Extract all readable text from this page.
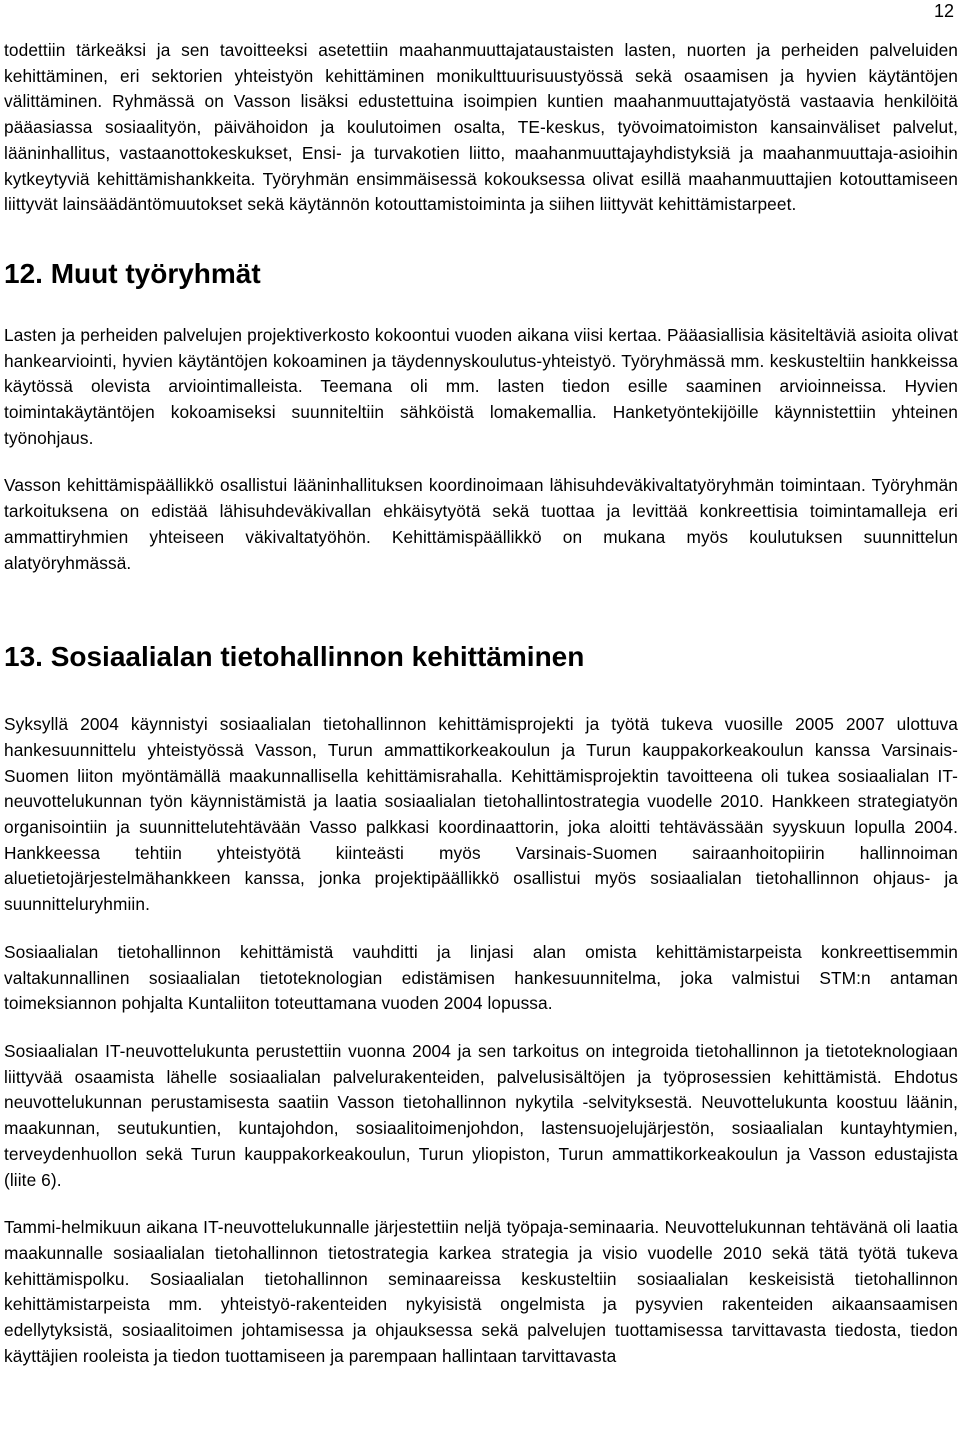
12

todettiin tärkeäksi ja sen tavoitteeksi asetettiin maahanmuuttajataustaisten lasten, nuorten ja perheiden palveluiden kehittäminen, eri sektorien yhteistyön kehittäminen monikulttuurisuustyössä sekä osaamisen ja hyvien käytäntöjen välittäminen. Ryhmässä on Vasson lisäksi edustettuina isoimpien kuntien maahanmuuttajatyöstä vastaavia henkilöitä pääasiassa sosiaalityön, päivähoidon ja koulutoimen osalta, TE-keskus, työvoimatoimiston kansainväliset palvelut, lääninhallitus, vastaanottokeskukset, Ensi- ja turvakotien liitto, maahanmuuttajayhdistyksiä ja maahanmuuttaja-asioihin kytkeytyviä kehittämishankkeita. Työryhmän ensimmäisessä kokouksessa olivat esillä maahanmuuttajien kotouttamiseen liittyvät lainsäädäntömuutokset sekä käytännön kotouttamistoiminta ja siihen liittyvät kehittämistarpeet.

12. Muut työryhmät

Lasten ja perheiden palvelujen projektiverkosto kokoontui vuoden aikana viisi kertaa. Pääasiallisia käsiteltäviä asioita olivat hankearviointi, hyvien käytäntöjen kokoaminen ja täydennyskoulutus-yhteistyö. Työryhmässä mm. keskusteltiin hankkeissa käytössä olevista arviointimalleista. Teemana oli mm. lasten tiedon esille saaminen arvioinneissa. Hyvien toimintakäytäntöjen kokoamiseksi suunniteltiin sähköistä lomakemallia. Hanketyöntekijöille käynnistettiin yhteinen työnohjaus.

Vasson kehittämispäällikkö osallistui lääninhallituksen koordinoimaan lähisuhdeväkivaltatyöryhmän toimintaan. Työryhmän tarkoituksena on edistää lähisuhdeväkivallan ehkäisytyötä sekä tuottaa ja levittää konkreettisia toimintamalleja eri ammattiryhmien yhteiseen väkivaltatyöhön. Kehittämispäällikkö on mukana myös koulutuksen suunnittelun alatyöryhmässä.

13. Sosiaalialan tietohallinnon kehittäminen

Syksyllä 2004 käynnistyi sosiaalialan tietohallinnon kehittämisprojekti ja työtä tukeva vuosille 2005 2007 ulottuva hankesuunnittelu yhteistyössä Vasson, Turun ammattikorkeakoulun ja Turun kauppakorkeakoulun kanssa Varsinais-Suomen liiton myöntämällä maakunnallisella kehittämisrahalla. Kehittämisprojektin tavoitteena oli tukea sosiaalialan IT-neuvottelukunnan työn käynnistämistä ja laatia sosiaalialan tietohallintostrategia vuodelle 2010. Hankkeen strategiatyön organisointiin ja suunnittelutehtävään Vasso palkkasi koordinaattorin, joka aloitti tehtävässään syyskuun lopulla 2004. Hankkeessa tehtiin yhteistyötä kiinteästi myös Varsinais-Suomen sairaanhoitopiirin hallinnoiman aluetietojärjestelmähankkeen kanssa, jonka projektipäällikkö osallistui myös sosiaalialan tietohallinnon ohjaus- ja suunnitteluryhmiin.

Sosiaalialan tietohallinnon kehittämistä vauhditti ja linjasi alan omista kehittämistarpeista konkreettisemmin valtakunnallinen sosiaalialan tietoteknologian edistämisen hankesuunnitelma, joka valmistui STM:n antaman toimeksiannon pohjalta Kuntaliiton toteuttamana vuoden 2004 lopussa.

Sosiaalialan IT-neuvottelukunta perustettiin vuonna 2004 ja sen tarkoitus on integroida tietohallinnon ja tietoteknologiaan liittyvää osaamista lähelle sosiaalialan palvelurakenteiden, palvelusisältöjen ja työprosessien kehittämistä. Ehdotus neuvottelukunnan perustamisesta saatiin Vasson tietohallinnon nykytila -selvityksestä. Neuvottelukunta koostuu läänin, maakunnan, seutukuntien, kuntajohdon, sosiaalitoimenjohdon, lastensuojelujärjestön, sosiaalialan kuntayhtymien, terveydenhuollon sekä Turun kauppakorkeakoulun, Turun yliopiston, Turun ammattikorkeakoulun ja Vasson edustajista (liite 6).

Tammi-helmikuun aikana IT-neuvottelukunnalle järjestettiin neljä työpaja-seminaaria. Neuvottelukunnan tehtävänä oli laatia maakunnalle sosiaalialan tietohallinnon tietostrategia karkea strategia ja visio vuodelle 2010 sekä tätä työtä tukeva kehittämispolku. Sosiaalialan tietohallinnon seminaareissa keskusteltiin sosiaalialan keskeisistä tietohallinnon kehittämistarpeista mm. yhteistyö-rakenteiden nykyisistä ongelmista ja pysyvien rakenteiden aikaansaamisen edellytyksistä, sosiaalitoimen johtamisessa ja ohjauksessa sekä palvelujen tuottamisessa tarvittavasta tiedosta, tiedon käyttäjien rooleista ja tiedon tuottamiseen ja parempaan hallintaan tarvittavasta
